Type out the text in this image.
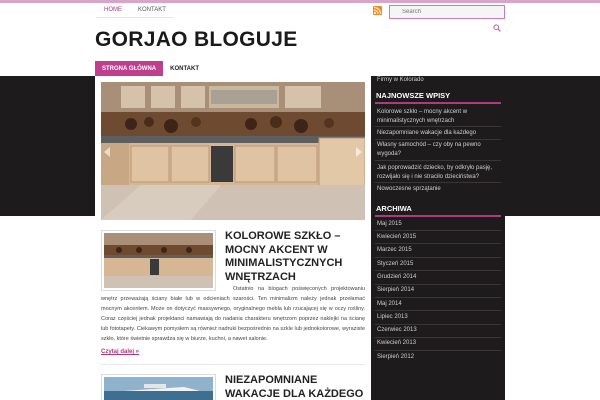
HOME	KONTAKT
Search
GORJAO BLOGUJE
STRONA GŁÓWNA	KONTAKT
KOLOROWE SZKŁO – MOCNY AKCENT W MINIMALISTYCZNYCH WNĘTRZACH

Ostatnio na blogach poświęconych projektowaniu wnętrz przeważają ściany białe lub w odcieniach szarości. Ten minimalizm należy jednak przełamać mocnym akcentem. Może on dotyczyć massywnego, oryginalnego mebla lub rzucającej się w oczy rośliny. Coraz częściej jednak projektanci namawiają do nadania charakteru wnętrzom poprzez naklejki na ścianę lub fototapety. Ciekawym pomysłem są również nadruki bezpośrednio na szkle lub jednokolorowe, wyraziste szkło, które świetnie sprawdza się w biurze, kuchni, a nawet salonie.

Czytaj dalej »
NIEZAPOMNIANE WAKACJE DLA KAŻDEGO
Firmy w Kolorado
NAJNOWSZE WPISY
Kolorowe szkło – mocny akcent w minimalistycznych wnętrzach
Niezapomniane wakacje dla każdego
Własny samochód – czy oby na pewno wygoda?
Jak poprowadzić dziecko, by odkryło pasję, rozwijało się i nie straciło dzieciństwa?
Nowoczesne sprzątanie
ARCHIWA
Maj 2015
Kwiecień 2015
Marzec 2015
Styczeń 2015
Grudzień 2014
Sierpień 2014
Maj 2014
Lipiec 2013
Czerwiec 2013
Kwiecień 2013
Sierpień 2012
